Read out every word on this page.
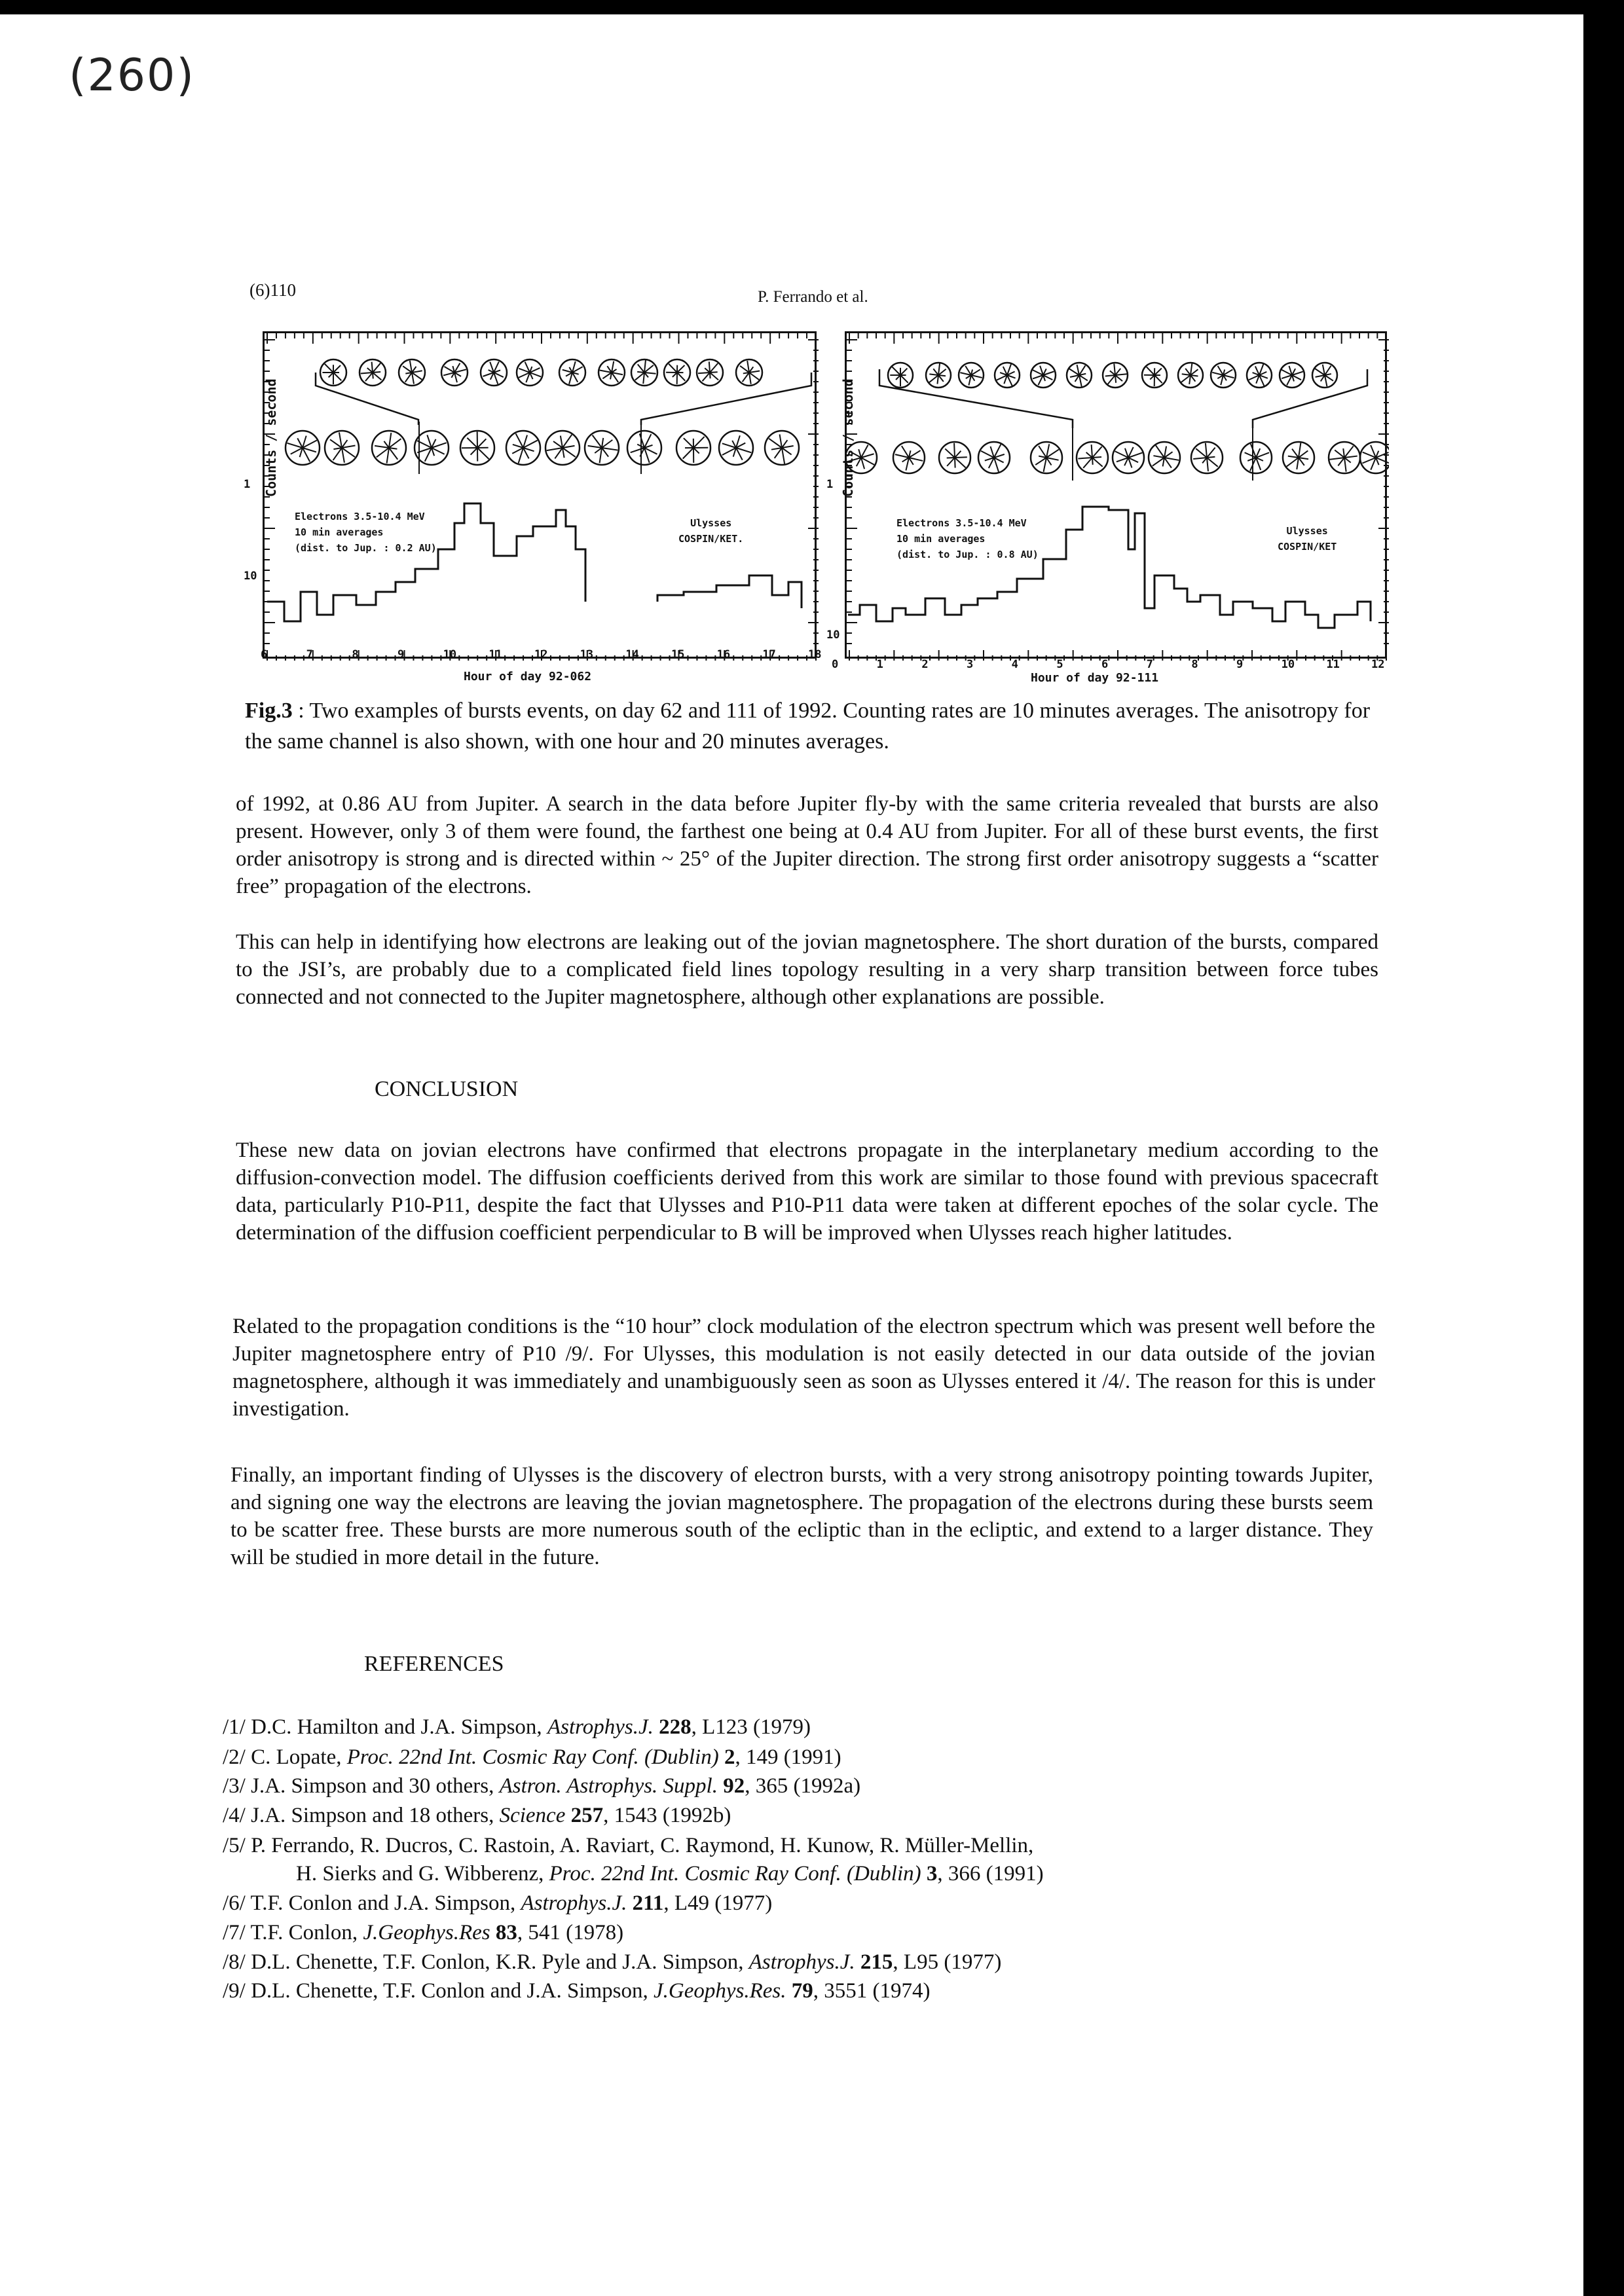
(260)
(6)110	P. Ferrando et al.
Counts / second
Electrons 3.5-10.4 MeV
10 min averages
(dist. to Jup. : 0.2 AU)
Ulysses
COSPIN/KET.
Counts / second
Electrons 3.5-10.4 MeV
10 min averages
(dist. to Jup. : 0.8 AU)
Ulysses
COSPIN/KET
6	7	8	9	10	11	12	13	14	15	16	17	18
0	1	2	3	4	5	6	7	8	9	10	11	12
1
10
1
10
Hour of day 92-062	Hour of day 92-111
Fig.3 : Two examples of bursts events, on day 62 and 111 of 1992. Counting rates are 10 minutes averages. The anisotropy for the same channel is also shown, with one hour and 20 minutes averages.
of 1992, at 0.86 AU from Jupiter. A search in the data before Jupiter fly-by with the same criteria revealed that bursts are also present. However, only 3 of them were found, the farthest one being at 0.4 AU from Jupiter. For all of these burst events, the first order anisotropy is strong and is directed within ~ 25° of the Jupiter direction. The strong first order anisotropy suggests a “scatter free” propagation of the electrons.
This can help in identifying how electrons are leaking out of the jovian magnetosphere. The short duration of the bursts, compared to the JSI’s, are probably due to a complicated field lines topology resulting in a very sharp transition between force tubes connected and not connected to the Jupiter magnetosphere, although other explanations are possible.
CONCLUSION
These new data on jovian electrons have confirmed that electrons propagate in the interplanetary medium according to the diffusion-convection model. The diffusion coefficients derived from this work are similar to those found with previous spacecraft data, particularly P10-P11, despite the fact that Ulysses and P10-P11 data were taken at different epoches of the solar cycle. The determination of the diffusion coefficient perpendicular to B will be improved when Ulysses reach higher latitudes.
Related to the propagation conditions is the “10 hour” clock modulation of the electron spectrum which was present well before the Jupiter magnetosphere entry of P10 /9/. For Ulysses, this modulation is not easily detected in our data outside of the jovian magnetosphere, although it was immediately and unambiguously seen as soon as Ulysses entered it /4/. The reason for this is under investigation.
Finally, an important finding of Ulysses is the discovery of electron bursts, with a very strong anisotropy pointing towards Jupiter, and signing one way the electrons are leaving the jovian magnetosphere. The propagation of the electrons during these bursts seem to be scatter free. These bursts are more numerous south of the ecliptic than in the ecliptic, and extend to a larger distance. They will be studied in more detail in the future.
REFERENCES
/1/ D.C. Hamilton and J.A. Simpson, Astrophys.J. 228, L123 (1979)
/2/ C. Lopate, Proc. 22nd Int. Cosmic Ray Conf. (Dublin) 2, 149 (1991)
/3/ J.A. Simpson and 30 others, Astron. Astrophys. Suppl. 92, 365 (1992a)
/4/ J.A. Simpson and 18 others, Science 257, 1543 (1992b)
/5/ P. Ferrando, R. Ducros, C. Rastoin, A. Raviart, C. Raymond, H. Kunow, R. Müller-Mellin,
H. Sierks and G. Wibberenz, Proc. 22nd Int. Cosmic Ray Conf. (Dublin) 3, 366 (1991)
/6/ T.F. Conlon and J.A. Simpson, Astrophys.J. 211, L49 (1977)
/7/ T.F. Conlon, J.Geophys.Res 83, 541 (1978)
/8/ D.L. Chenette, T.F. Conlon, K.R. Pyle and J.A. Simpson, Astrophys.J. 215, L95 (1977)
/9/ D.L. Chenette, T.F. Conlon and J.A. Simpson, J.Geophys.Res. 79, 3551 (1974)
